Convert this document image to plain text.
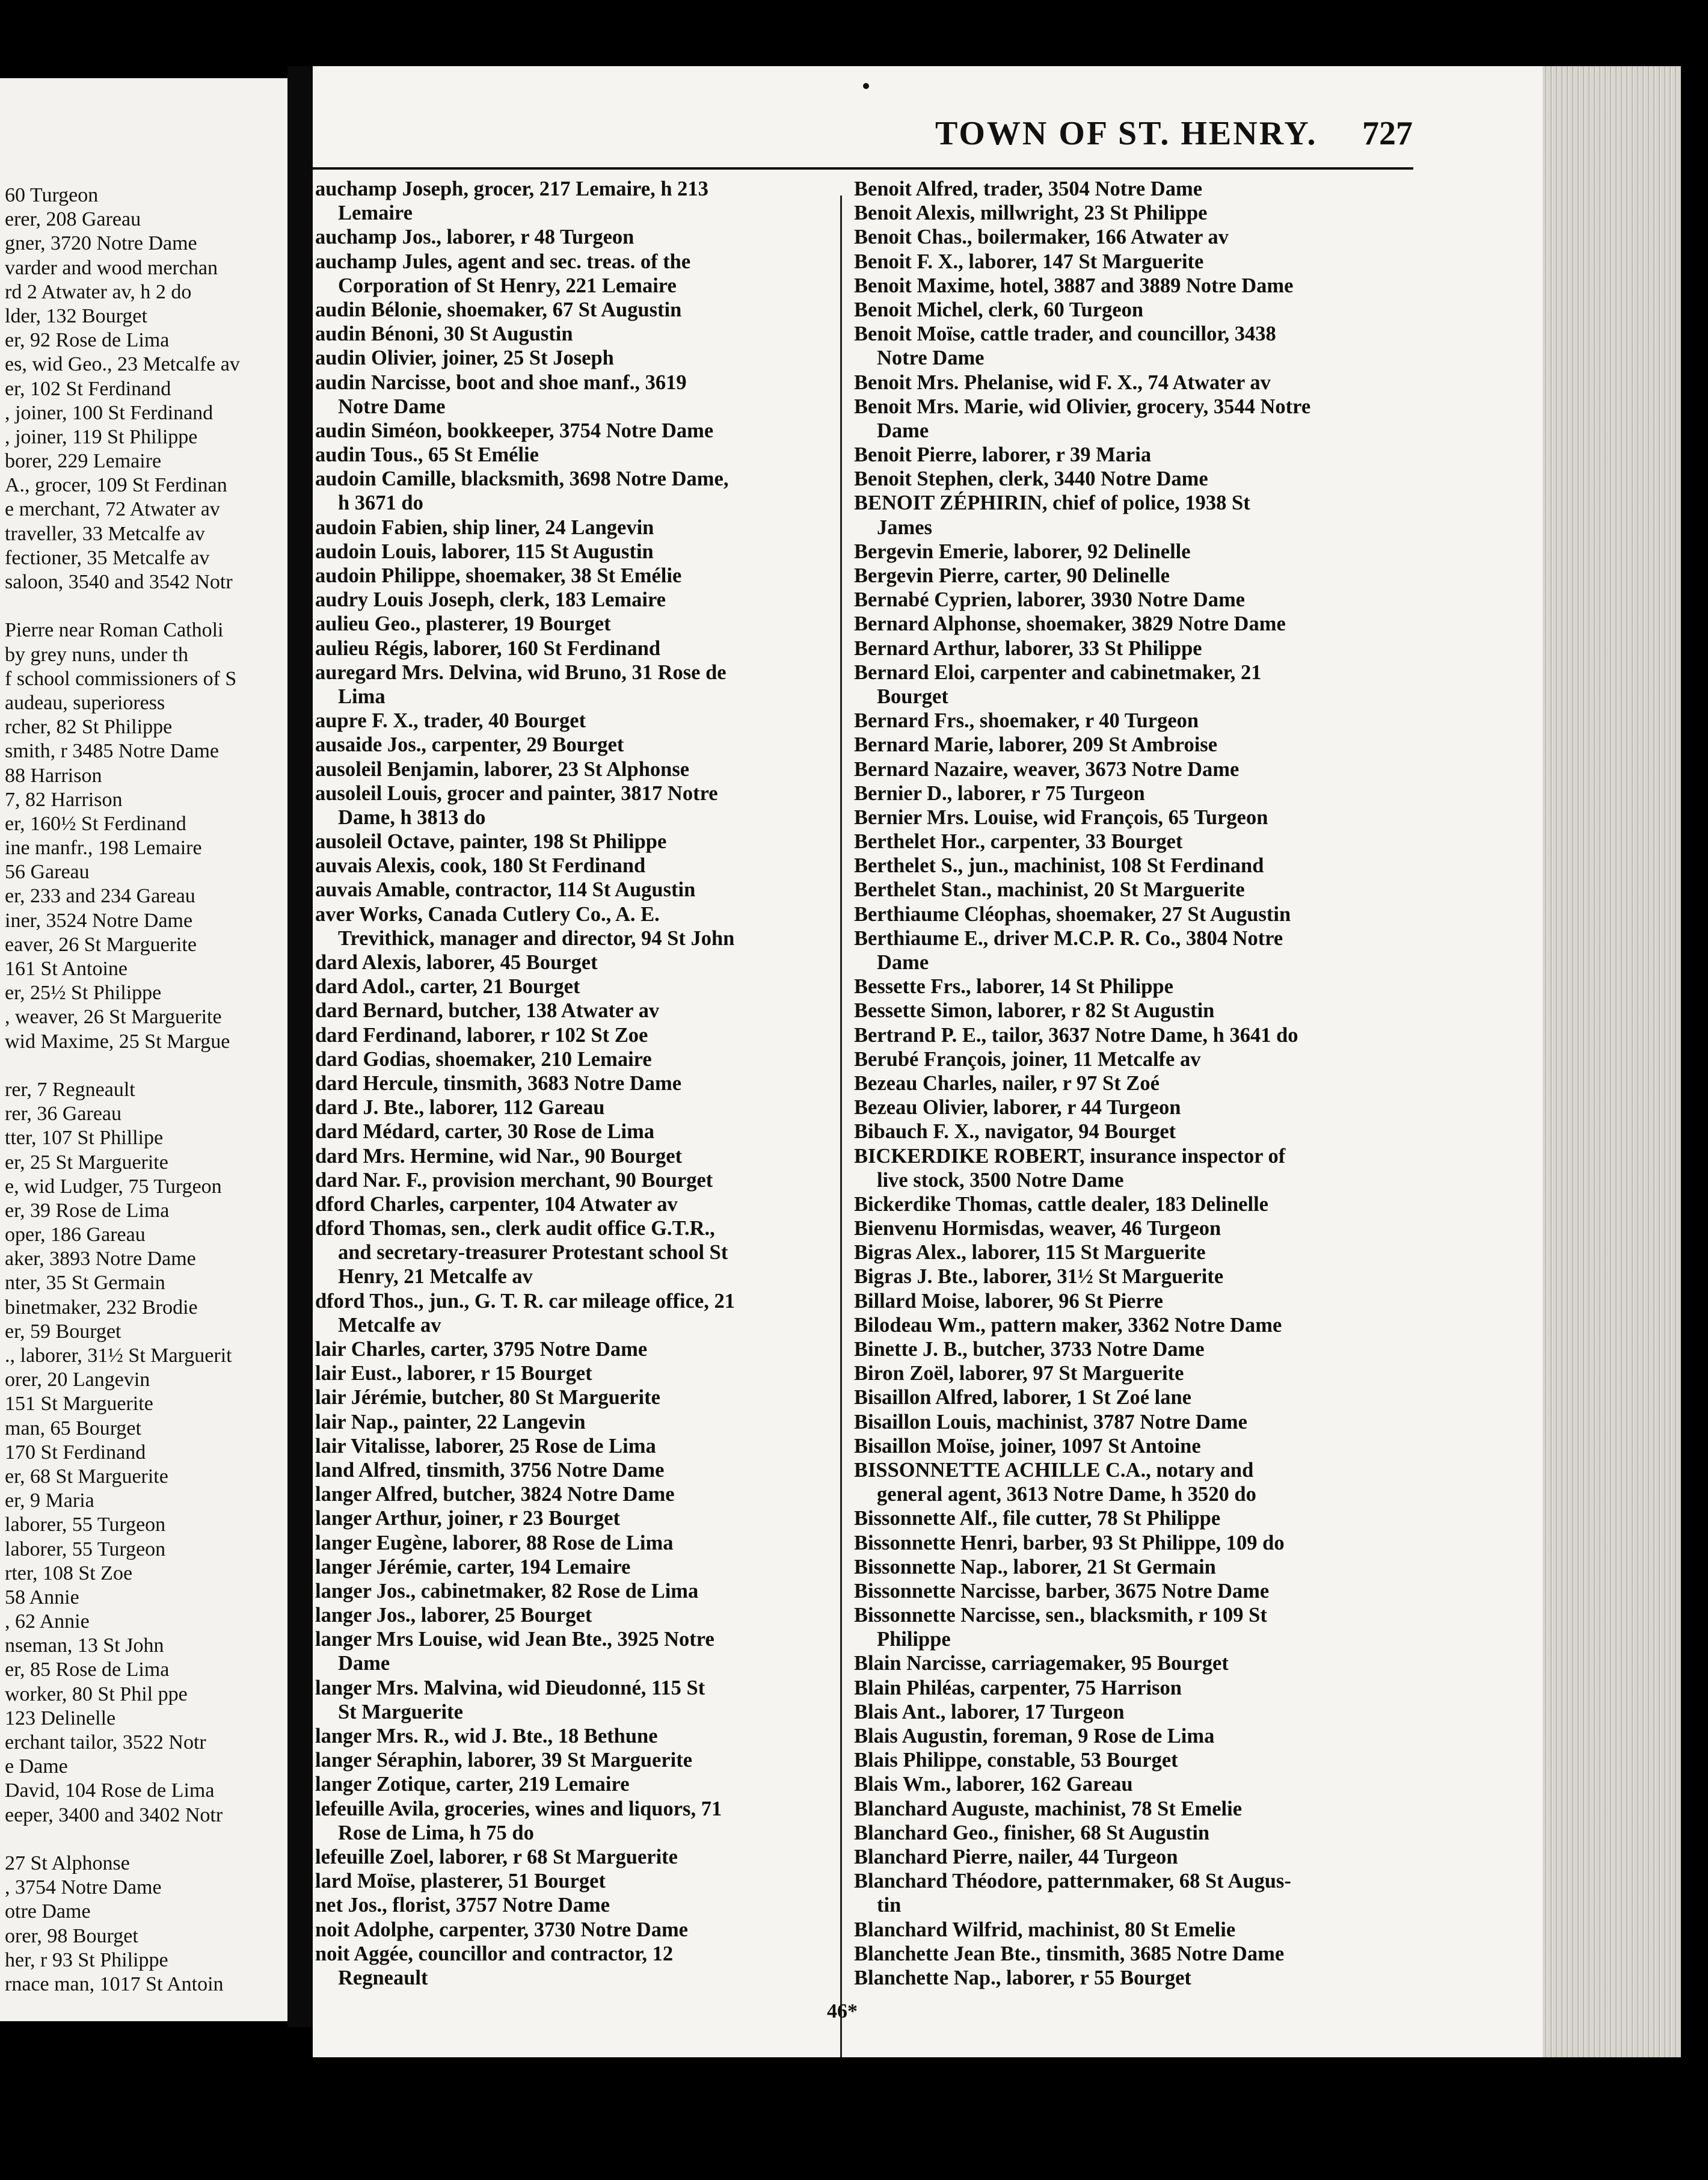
60 Turgeon
erer, 208 Gareau
gner, 3720 Notre Dame
varder and wood merchan
rd 2 Atwater av, h 2 do
lder, 132 Bourget
er, 92 Rose de Lima
es, wid Geo., 23 Metcalfe av
er, 102 St Ferdinand
, joiner, 100 St Ferdinand
, joiner, 119 St Philippe
borer, 229 Lemaire
A., grocer, 109 St Ferdinan
e merchant, 72 Atwater av
traveller, 33 Metcalfe av
fectioner, 35 Metcalfe av
saloon, 3540 and 3542 Notr
Pierre near Roman Catholi
by grey nuns, under th
f school commissioners of S
audeau, superioress
rcher, 82 St Philippe
smith, r 3485 Notre Dame
88 Harrison
7, 82 Harrison
er, 160½ St Ferdinand
ine manfr., 198 Lemaire
56 Gareau
er, 233 and 234 Gareau
iner, 3524 Notre Dame
eaver, 26 St Marguerite
161 St Antoine
er, 25½ St Philippe
, weaver, 26 St Marguerite
wid Maxime, 25 St Margue
rer, 7 Regneault
rer, 36 Gareau
tter, 107 St Phillipe
er, 25 St Marguerite
e, wid Ludger, 75 Turgeon
er, 39 Rose de Lima
oper, 186 Gareau
aker, 3893 Notre Dame
nter, 35 St Germain
binetmaker, 232 Brodie
er, 59 Bourget
., laborer, 31½ St Marguerit
orer, 20 Langevin
151 St Marguerite
man, 65 Bourget
170 St Ferdinand
er, 68 St Marguerite
er, 9 Maria
laborer, 55 Turgeon
laborer, 55 Turgeon
rter, 108 St Zoe
58 Annie
, 62 Annie
nseman, 13 St John
er, 85 Rose de Lima
worker, 80 St Phil ppe
123 Delinelle
erchant tailor, 3522 Notr
e Dame
David, 104 Rose de Lima
eeper, 3400 and 3402 Notr
27 St Alphonse
, 3754 Notre Dame
otre Dame
orer, 98 Bourget
her, r 93 St Philippe
rnace man, 1017 St Antoin
TOWN OF ST. HENRY. 727
auchamp Joseph, grocer, 217 Lemaire, h 213
Lemaire
auchamp Jos., laborer, r 48 Turgeon
auchamp Jules, agent and sec. treas. of the
Corporation of St Henry, 221 Lemaire
audin Bélonie, shoemaker, 67 St Augustin
audin Bénoni, 30 St Augustin
audin Olivier, joiner, 25 St Joseph
audin Narcisse, boot and shoe manf., 3619
Notre Dame
audin Siméon, bookkeeper, 3754 Notre Dame
audin Tous., 65 St Emélie
audoin Camille, blacksmith, 3698 Notre Dame,
h 3671 do
audoin Fabien, ship liner, 24 Langevin
audoin Louis, laborer, 115 St Augustin
audoin Philippe, shoemaker, 38 St Emélie
audry Louis Joseph, clerk, 183 Lemaire
aulieu Geo., plasterer, 19 Bourget
aulieu Régis, laborer, 160 St Ferdinand
auregard Mrs. Delvina, wid Bruno, 31 Rose de
Lima
aupre F. X., trader, 40 Bourget
ausaide Jos., carpenter, 29 Bourget
ausoleil Benjamin, laborer, 23 St Alphonse
ausoleil Louis, grocer and painter, 3817 Notre
Dame, h 3813 do
ausoleil Octave, painter, 198 St Philippe
auvais Alexis, cook, 180 St Ferdinand
auvais Amable, contractor, 114 St Augustin
aver Works, Canada Cutlery Co., A. E.
Trevithick, manager and director, 94 St John
dard Alexis, laborer, 45 Bourget
dard Adol., carter, 21 Bourget
dard Bernard, butcher, 138 Atwater av
dard Ferdinand, laborer, r 102 St Zoe
dard Godias, shoemaker, 210 Lemaire
dard Hercule, tinsmith, 3683 Notre Dame
dard J. Bte., laborer, 112 Gareau
dard Médard, carter, 30 Rose de Lima
dard Mrs. Hermine, wid Nar., 90 Bourget
dard Nar. F., provision merchant, 90 Bourget
dford Charles, carpenter, 104 Atwater av
dford Thomas, sen., clerk audit office G.T.R.,
and secretary-treasurer Protestant school St
Henry, 21 Metcalfe av
dford Thos., jun., G. T. R. car mileage office, 21
Metcalfe av
lair Charles, carter, 3795 Notre Dame
lair Eust., laborer, r 15 Bourget
lair Jérémie, butcher, 80 St Marguerite
lair Nap., painter, 22 Langevin
lair Vitalisse, laborer, 25 Rose de Lima
land Alfred, tinsmith, 3756 Notre Dame
langer Alfred, butcher, 3824 Notre Dame
langer Arthur, joiner, r 23 Bourget
langer Eugène, laborer, 88 Rose de Lima
langer Jérémie, carter, 194 Lemaire
langer Jos., cabinetmaker, 82 Rose de Lima
langer Jos., laborer, 25 Bourget
langer Mrs Louise, wid Jean Bte., 3925 Notre
Dame
langer Mrs. Malvina, wid Dieudonné, 115 St
St Marguerite
langer Mrs. R., wid J. Bte., 18 Bethune
langer Séraphin, laborer, 39 St Marguerite
langer Zotique, carter, 219 Lemaire
lefeuille Avila, groceries, wines and liquors, 71
Rose de Lima, h 75 do
lefeuille Zoel, laborer, r 68 St Marguerite
lard Moïse, plasterer, 51 Bourget
net Jos., florist, 3757 Notre Dame
noit Adolphe, carpenter, 3730 Notre Dame
noit Aggée, councillor and contractor, 12
Regneault
Benoit Alfred, trader, 3504 Notre Dame
Benoit Alexis, millwright, 23 St Philippe
Benoit Chas., boilermaker, 166 Atwater av
Benoit F. X., laborer, 147 St Marguerite
Benoit Maxime, hotel, 3887 and 3889 Notre Dame
Benoit Michel, clerk, 60 Turgeon
Benoit Moïse, cattle trader, and councillor, 3438
Notre Dame
Benoit Mrs. Phelanise, wid F. X., 74 Atwater av
Benoit Mrs. Marie, wid Olivier, grocery, 3544 Notre
Dame
Benoit Pierre, laborer, r 39 Maria
Benoit Stephen, clerk, 3440 Notre Dame
BENOIT ZÉPHIRIN, chief of police, 1938 St
James
Bergevin Emerie, laborer, 92 Delinelle
Bergevin Pierre, carter, 90 Delinelle
Bernabé Cyprien, laborer, 3930 Notre Dame
Bernard Alphonse, shoemaker, 3829 Notre Dame
Bernard Arthur, laborer, 33 St Philippe
Bernard Eloi, carpenter and cabinetmaker, 21
Bourget
Bernard Frs., shoemaker, r 40 Turgeon
Bernard Marie, laborer, 209 St Ambroise
Bernard Nazaire, weaver, 3673 Notre Dame
Bernier D., laborer, r 75 Turgeon
Bernier Mrs. Louise, wid François, 65 Turgeon
Berthelet Hor., carpenter, 33 Bourget
Berthelet S., jun., machinist, 108 St Ferdinand
Berthelet Stan., machinist, 20 St Marguerite
Berthiaume Cléophas, shoemaker, 27 St Augustin
Berthiaume E., driver M.C.P. R. Co., 3804 Notre
Dame
Bessette Frs., laborer, 14 St Philippe
Bessette Simon, laborer, r 82 St Augustin
Bertrand P. E., tailor, 3637 Notre Dame, h 3641 do
Berubé François, joiner, 11 Metcalfe av
Bezeau Charles, nailer, r 97 St Zoé
Bezeau Olivier, laborer, r 44 Turgeon
Bibauch F. X., navigator, 94 Bourget
BICKERDIKE ROBERT, insurance inspector of
live stock, 3500 Notre Dame
Bickerdike Thomas, cattle dealer, 183 Delinelle
Bienvenu Hormisdas, weaver, 46 Turgeon
Bigras Alex., laborer, 115 St Marguerite
Bigras J. Bte., laborer, 31½ St Marguerite
Billard Moise, laborer, 96 St Pierre
Bilodeau Wm., pattern maker, 3362 Notre Dame
Binette J. B., butcher, 3733 Notre Dame
Biron Zoël, laborer, 97 St Marguerite
Bisaillon Alfred, laborer, 1 St Zoé lane
Bisaillon Louis, machinist, 3787 Notre Dame
Bisaillon Moïse, joiner, 1097 St Antoine
BISSONNETTE ACHILLE C.A., notary and
general agent, 3613 Notre Dame, h 3520 do
Bissonnette Alf., file cutter, 78 St Philippe
Bissonnette Henri, barber, 93 St Philippe, 109 do
Bissonnette Nap., laborer, 21 St Germain
Bissonnette Narcisse, barber, 3675 Notre Dame
Bissonnette Narcisse, sen., blacksmith, r 109 St
Philippe
Blain Narcisse, carriagemaker, 95 Bourget
Blain Philéas, carpenter, 75 Harrison
Blais Ant., laborer, 17 Turgeon
Blais Augustin, foreman, 9 Rose de Lima
Blais Philippe, constable, 53 Bourget
Blais Wm., laborer, 162 Gareau
Blanchard Auguste, machinist, 78 St Emelie
Blanchard Geo., finisher, 68 St Augustin
Blanchard Pierre, nailer, 44 Turgeon
Blanchard Théodore, patternmaker, 68 St Augus-
tin
Blanchard Wilfrid, machinist, 80 St Emelie
Blanchette Jean Bte., tinsmith, 3685 Notre Dame
Blanchette Nap., laborer, r 55 Bourget
46*
